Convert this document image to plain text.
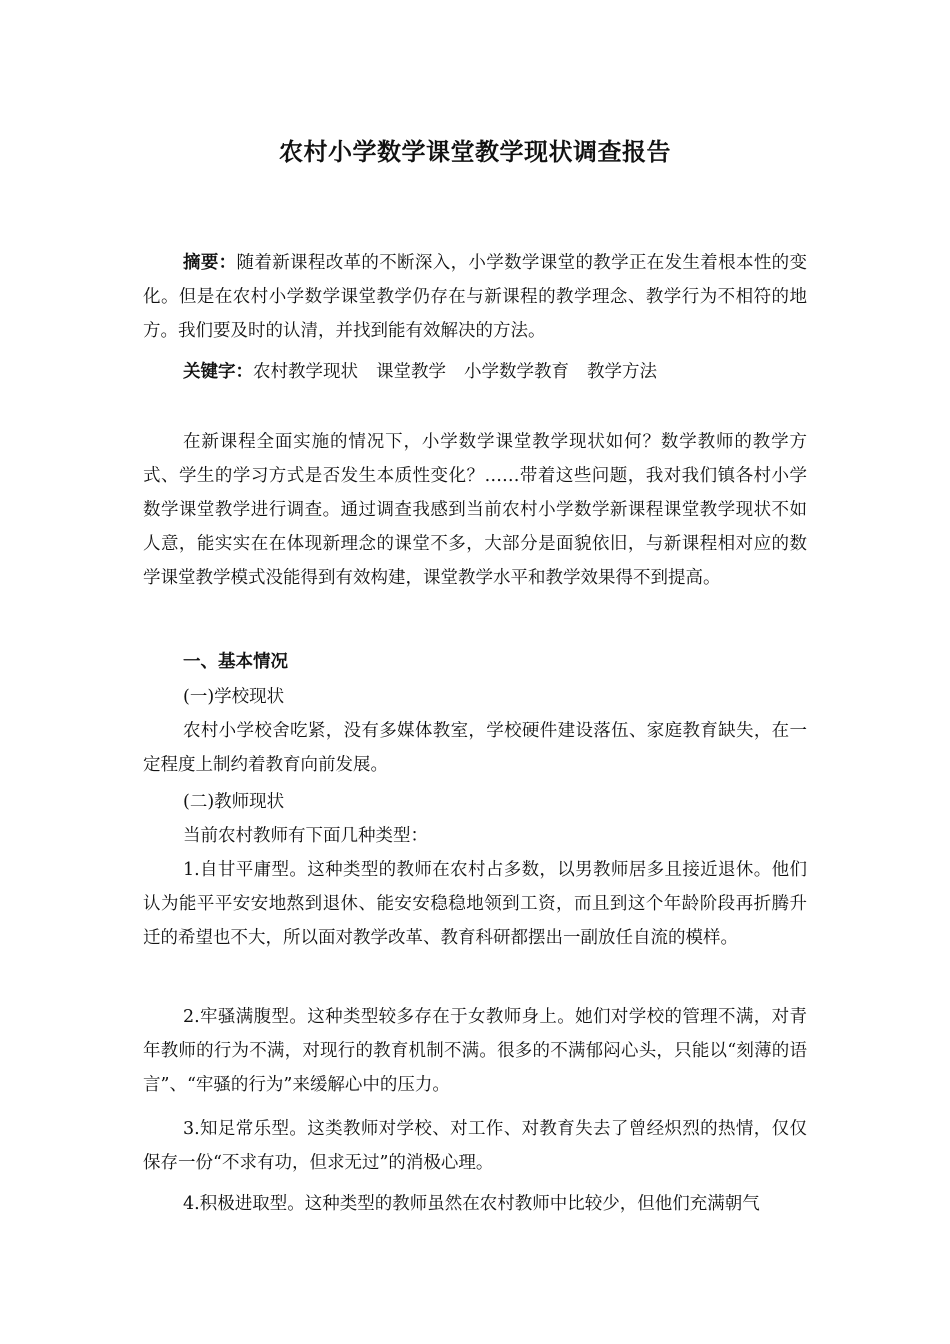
农村小学数学课堂教学现状调查报告
摘要：随着新课程改革的不断深入，小学数学课堂的教学正在发生着根本性的变化。但是在农村小学数学课堂教学仍存在与新课程的教学理念、教学行为不相符的地方。我们要及时的认清，并找到能有效解决的方法。
关键字：农村教学现状 课堂教学 小学数学教育 教学方法
在新课程全面实施的情况下，小学数学课堂教学现状如何？数学教师的教学方式、学生的学习方式是否发生本质性变化？……带着这些问题，我对我们镇各村小学数学课堂教学进行调查。通过调查我感到当前农村小学数学新课程课堂教学现状不如人意，能实实在在体现新理念的课堂不多，大部分是面貌依旧，与新课程相对应的数学课堂教学模式没能得到有效构建，课堂教学水平和教学效果得不到提高。
一、基本情况
(一)学校现状
农村小学校舍吃紧，没有多媒体教室，学校硬件建设落伍、家庭教育缺失，在一定程度上制约着教育向前发展。
(二)教师现状
当前农村教师有下面几种类型：
1.自甘平庸型。这种类型的教师在农村占多数，以男教师居多且接近退休。他们认为能平平安安地熬到退休、能安安稳稳地领到工资，而且到这个年龄阶段再折腾升迁的希望也不大，所以面对教学改革、教育科研都摆出一副放任自流的模样。
2.牢骚满腹型。这种类型较多存在于女教师身上。她们对学校的管理不满，对青年教师的行为不满，对现行的教育机制不满。很多的不满郁闷心头，只能以“刻薄的语言”、“牢骚的行为”来缓解心中的压力。
3.知足常乐型。这类教师对学校、对工作、对教育失去了曾经炽烈的热情，仅仅保存一份“不求有功，但求无过”的消极心理。
4.积极进取型。这种类型的教师虽然在农村教师中比较少，但他们充满朝气
